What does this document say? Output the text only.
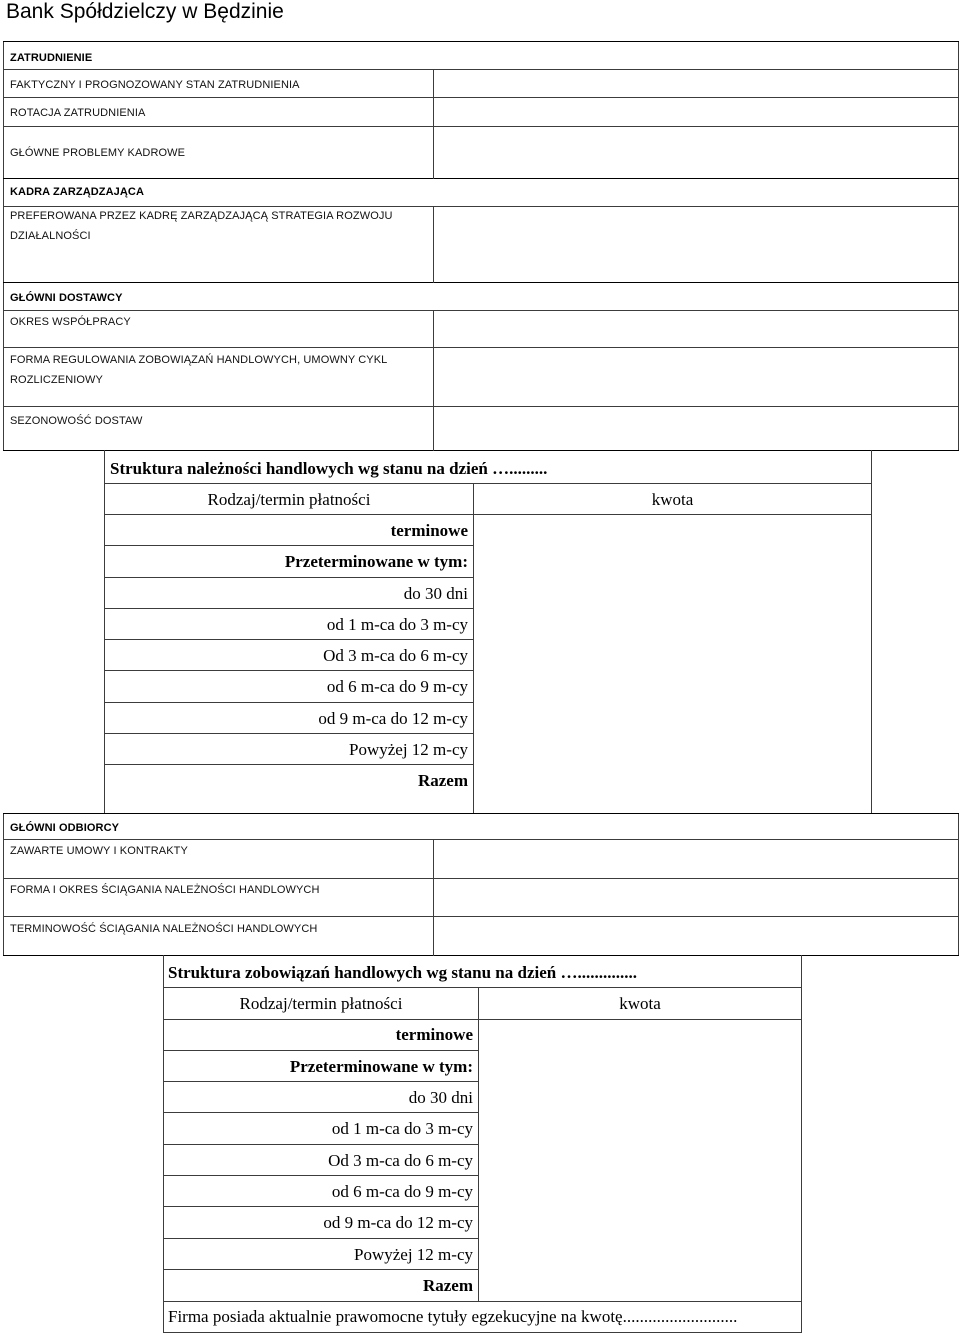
Bank Spółdzielczy w Będzinie
ZATRUDNIENIE
FAKTYCZNY I PROGNOZOWANY STAN ZATRUDNIENIA
ROTACJA ZATRUDNIENIA
GŁÓWNE PROBLEMY KADROWE
KADRA ZARZĄDZAJĄCA
PREFEROWANA PRZEZ KADRĘ ZARZĄDZAJĄCĄ STRATEGIA ROZWOJU
DZIAŁALNOŚCI
GŁÓWNI DOSTAWCY
OKRES WSPÓŁPRACY
FORMA REGULOWANIA ZOBOWIĄZAŃ HANDLOWYCH, UMOWNY CYKL
ROZLICZENIOWY
SEZONOWOŚĆ DOSTAW
Struktura należności handlowych wg stanu na dzień ….........
Rodzaj/termin płatności	kwota
terminowe
Przeterminowane w tym:
do 30 dni
od 1 m-ca do 3 m-cy
Od 3 m-ca do 6 m-cy
od 6 m-ca do 9 m-cy
od 9 m-ca do 12 m-cy
Powyżej 12 m-cy
Razem
GŁÓWNI ODBIORCY
ZAWARTE UMOWY I KONTRAKTY
FORMA I OKRES ŚCIĄGANIA NALEŻNOŚCI HANDLOWYCH
TERMINOWOŚĆ ŚCIĄGANIA NALEŻNOŚCI HANDLOWYCH
Struktura zobowiązań handlowych wg stanu na dzień …..............
Rodzaj/termin płatności	kwota
terminowe
Przeterminowane w tym:
do 30 dni
od 1 m-ca do 3 m-cy
Od 3 m-ca do 6 m-cy
od 6 m-ca do 9 m-cy
od 9 m-ca do 12 m-cy
Powyżej 12 m-cy
Razem
Firma posiada aktualnie prawomocne tytuły egzekucyjne na kwotę...........................
